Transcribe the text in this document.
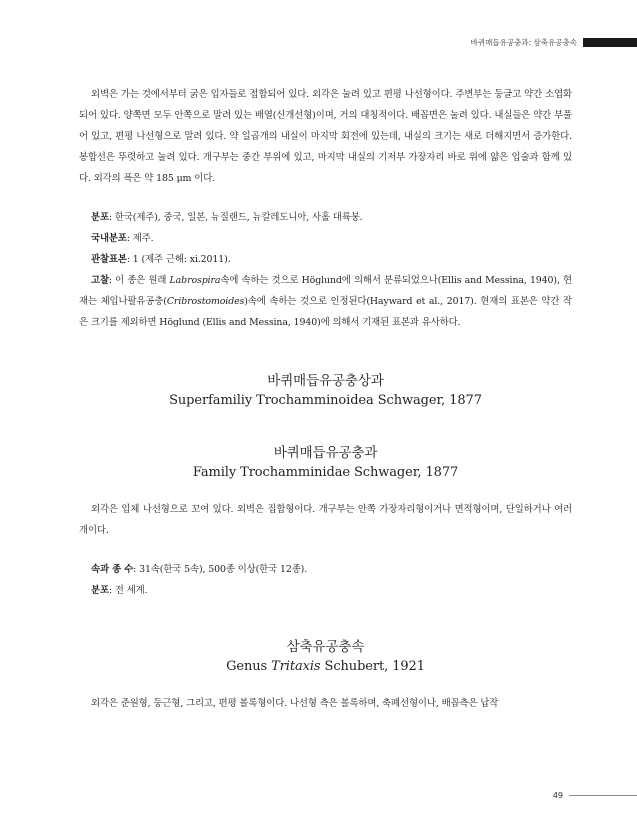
바퀴매듭유공충과: 삼축유공충속

외벽은 가는 것에서부터 굵은 입자들로 접합되어 있다. 외각은 눌려 있고 편평 나선형이다. 주변부는 둥글고 약간 소엽화되어 있다. 양쪽면 모두 안쪽으로 말려 있는 배열(신개선형)이며, 거의 대칭적이다. 배꼽면은 눌려 있다. 내실들은 약간 부풀어 있고, 편평 나선형으로 말려 있다. 약 일곱개의 내실이 마지막 회전에 있는데, 내실의 크기는 새로 더해지면서 증가한다. 봉합선은 뚜렷하고 눌려 있다. 개구부는 중간 부위에 있고, 마지막 내실의 기저부 가장자리 바로 위에 얇은 입술과 함께 있다. 외각의 폭은 약 185 μm 이다.

분포: 한국(제주), 중국, 일본, 뉴질랜드, 뉴칼레도니아, 사홀 대륙붕.

국내분포: 제주.

관찰표본: 1 (제주 근해: xi.2011).

고찰: 이 종은 원래 Labrospira속에 속하는 것으로 Höglund에 의해서 분류되었으나(Ellis and Messina, 1940), 현재는 체입나팔유공충(Cribrostomoides)속에 속하는 것으로 인정된다(Hayward et al., 2017). 현재의 표본은 약간 작은 크기를 제외하면 Höglund (Ellis and Messina, 1940)에 의해서 기재된 표본과 유사하다.

바퀴매듭유공충상과

Superfamiliy Trochamminoidea Schwager, 1877

바퀴매듭유공충과

Family Trochamminidae Schwager, 1877

외각은 입체 나선형으로 꼬여 있다. 외벽은 집합형이다. 개구부는 안쪽 가장자리형이거나 면적형이며, 단일하거나 여러 개이다.

속과 종 수: 31속(한국 5속), 500종 이상(한국 12종).

분포: 전 세계.

삼축유공충속

Genus Tritaxis Schubert, 1921

외각은 준원형, 둥근형, 그리고, 편평 볼록형이다. 나선형 측은 볼록하며, 축폐선형이나, 배꼽측은 납작

49
